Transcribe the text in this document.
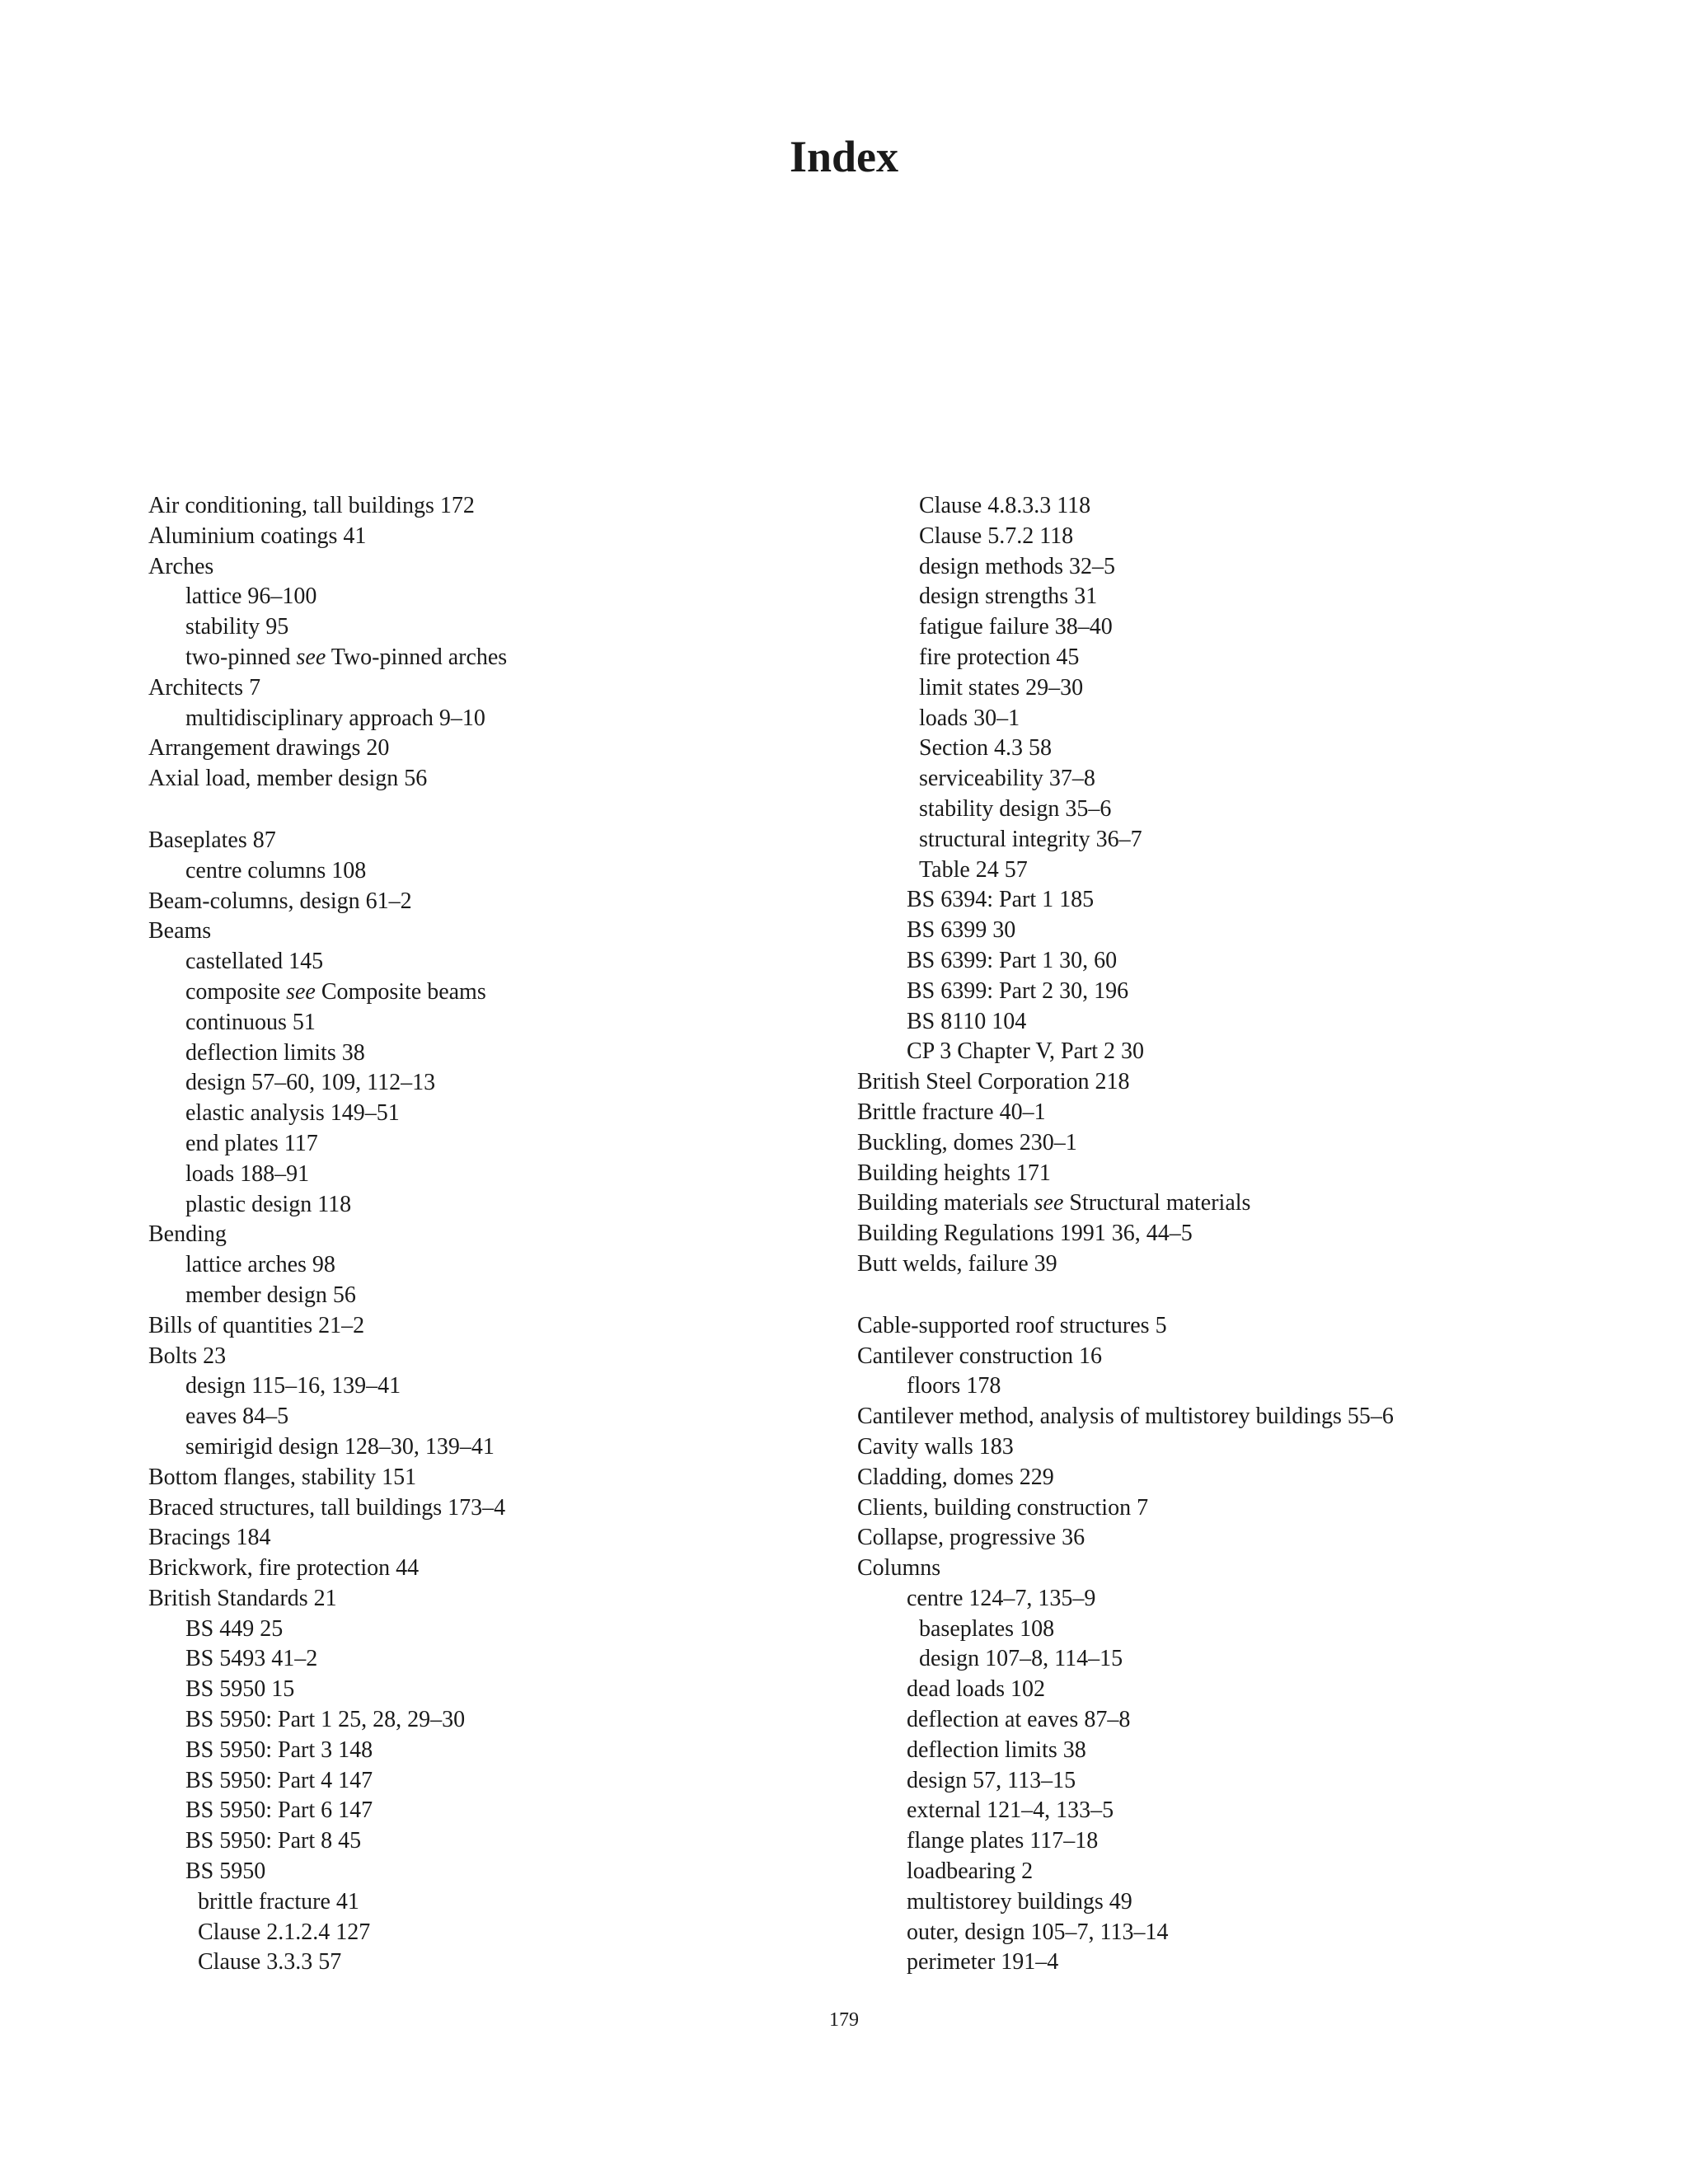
Index
Air conditioning, tall buildings 172
Aluminium coatings 41
Arches
lattice 96–100
stability 95
two-pinned see Two-pinned arches
Architects 7
multidisciplinary approach 9–10
Arrangement drawings 20
Axial load, member design 56
Baseplates 87
centre columns 108
Beam-columns, design 61–2
Beams
castellated 145
composite see Composite beams
continuous 51
deflection limits 38
design 57–60, 109, 112–13
elastic analysis 149–51
end plates 117
loads 188–91
plastic design 118
Bending
lattice arches 98
member design 56
Bills of quantities 21–2
Bolts 23
design 115–16, 139–41
eaves 84–5
semirigid design 128–30, 139–41
Bottom flanges, stability 151
Braced structures, tall buildings 173–4
Bracings 184
Brickwork, fire protection 44
British Standards 21
BS 449 25
BS 5493 41–2
BS 5950 15
BS 5950: Part 1 25, 28, 29–30
BS 5950: Part 3 148
BS 5950: Part 4 147
BS 5950: Part 6 147
BS 5950: Part 8 45
BS 5950
brittle fracture 41
Clause 2.1.2.4 127
Clause 3.3.3 57
Clause 4.8.3.3 118
Clause 5.7.2 118
design methods 32–5
design strengths 31
fatigue failure 38–40
fire protection 45
limit states 29–30
loads 30–1
Section 4.3 58
serviceability 37–8
stability design 35–6
structural integrity 36–7
Table 24 57
BS 6394: Part 1 185
BS 6399 30
BS 6399: Part 1 30, 60
BS 6399: Part 2 30, 196
BS 8110 104
CP 3 Chapter V, Part 2 30
British Steel Corporation 218
Brittle fracture 40–1
Buckling, domes 230–1
Building heights 171
Building materials see Structural materials
Building Regulations 1991 36, 44–5
Butt welds, failure 39
Cable-supported roof structures 5
Cantilever construction 16
floors 178
Cantilever method, analysis of multistorey buildings 55–6
Cavity walls 183
Cladding, domes 229
Clients, building construction 7
Collapse, progressive 36
Columns
centre 124–7, 135–9
baseplates 108
design 107–8, 114–15
dead loads 102
deflection at eaves 87–8
deflection limits 38
design 57, 113–15
external 121–4, 133–5
flange plates 117–18
loadbearing 2
multistorey buildings 49
outer, design 105–7, 113–14
perimeter 191–4
179
